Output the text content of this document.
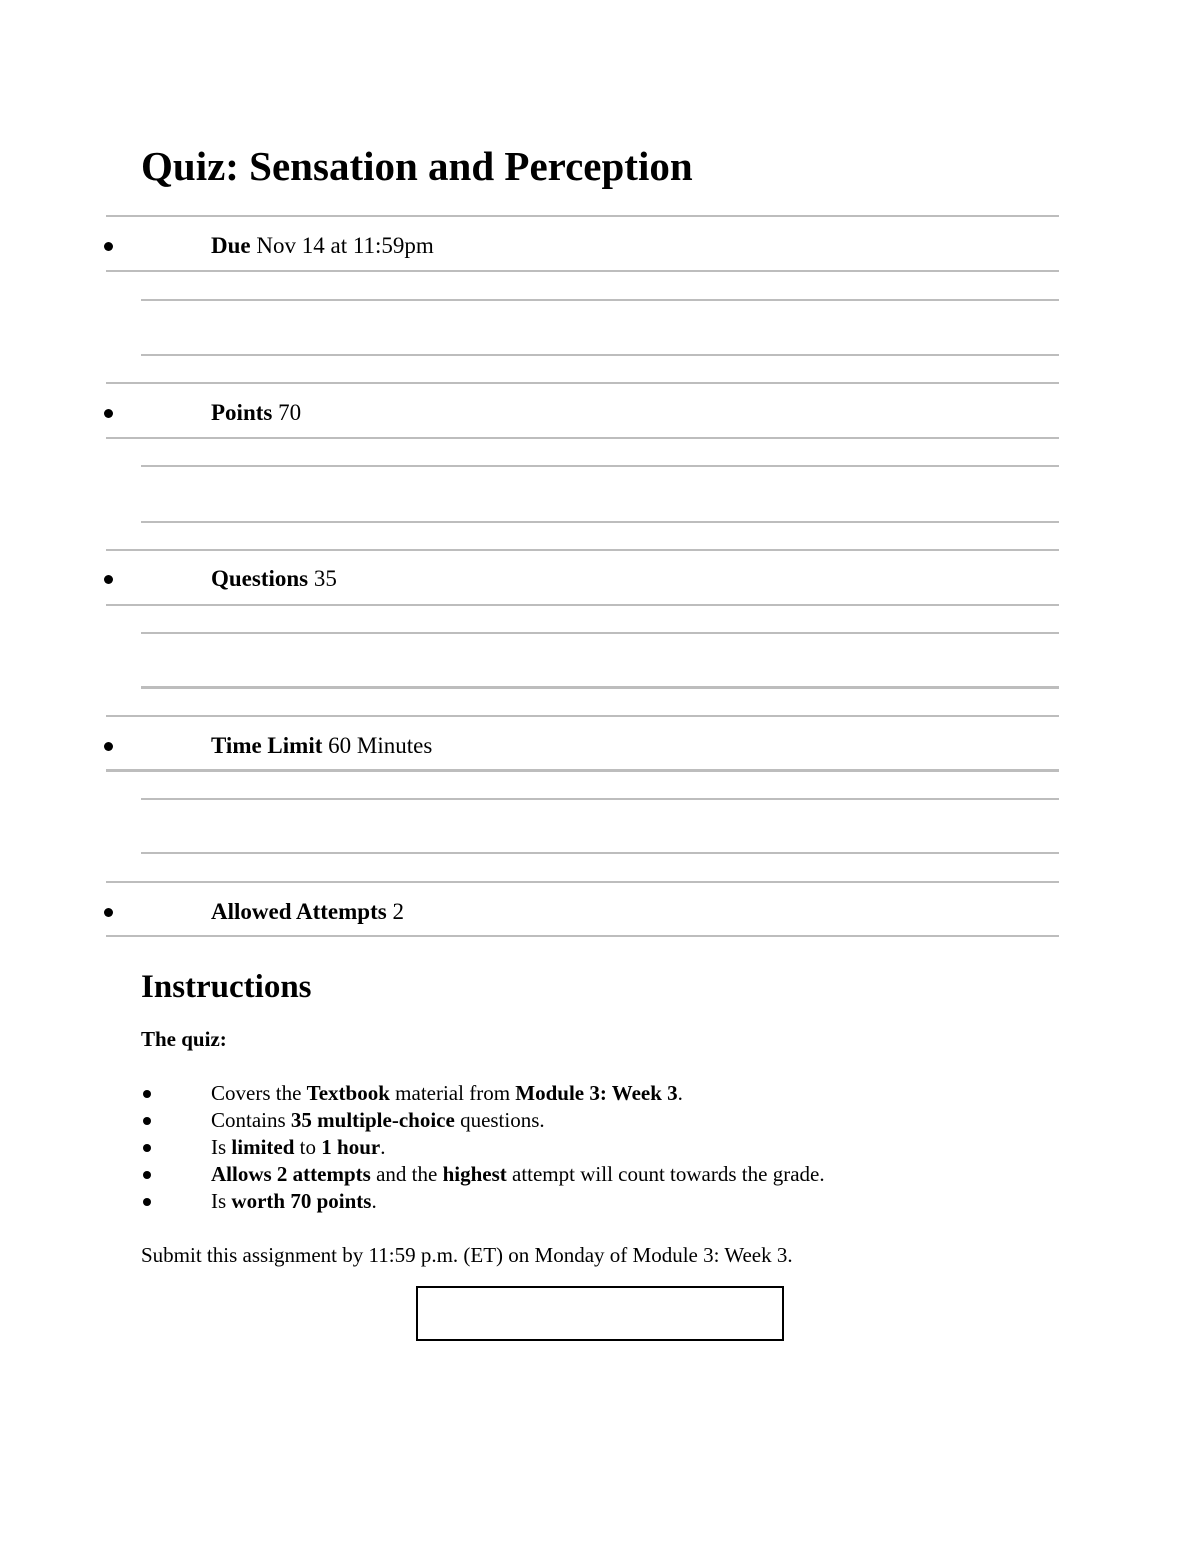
Quiz: Sensation and Perception
Due Nov 14 at 11:59pm
Points 70
Questions 35
Time Limit 60 Minutes
Allowed Attempts 2
Instructions
The quiz:
Covers the Textbook material from Module 3: Week 3.
Contains 35 multiple-choice questions.
Is limited to 1 hour.
Allows 2 attempts and the highest attempt will count towards the grade.
Is worth 70 points.
Submit this assignment by 11:59 p.m. (ET) on Monday of Module 3: Week 3.
